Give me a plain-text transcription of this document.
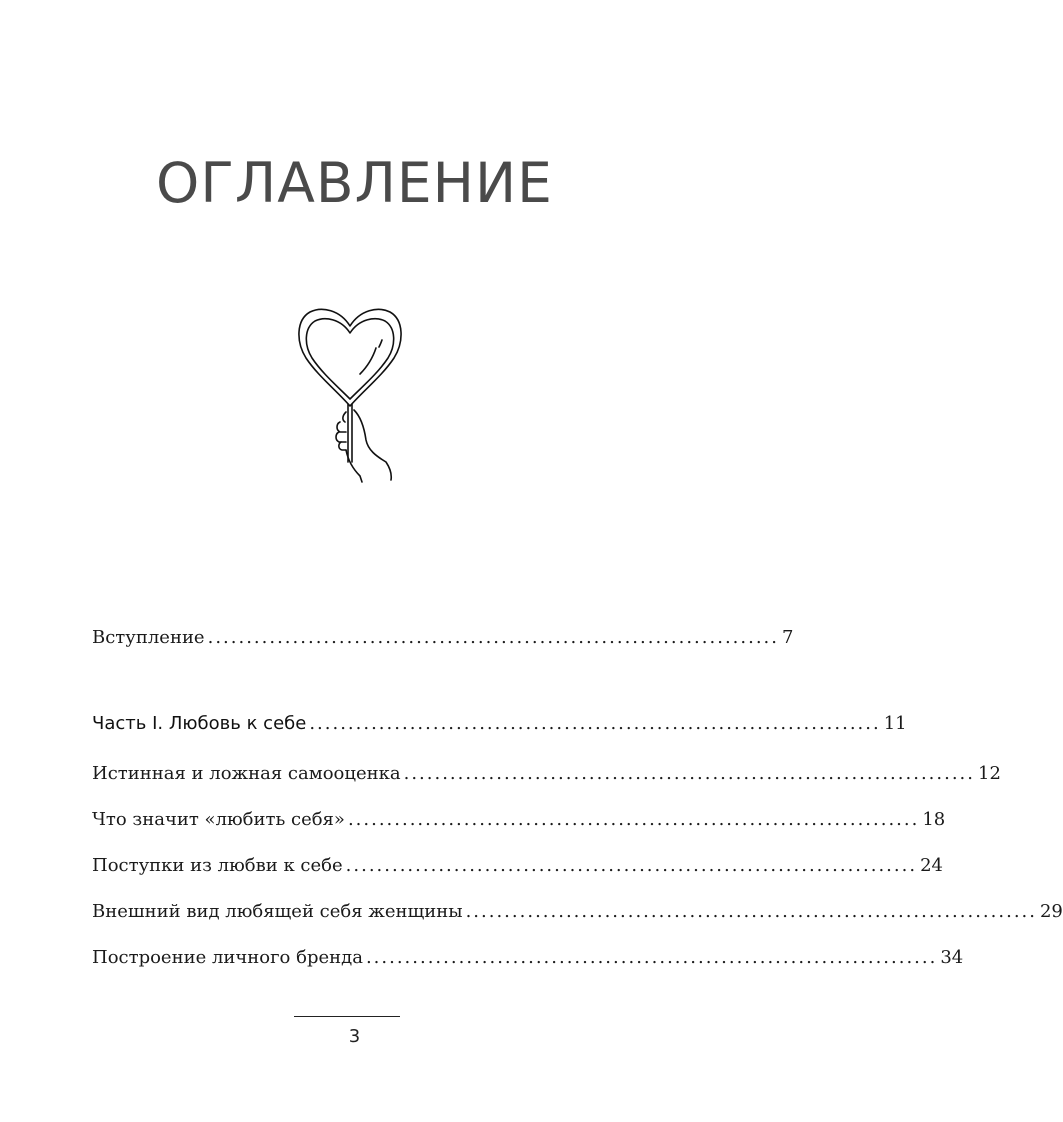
ОГЛАВЛЕНИЕ
Вступление .......................................................................... 7
Часть I. Любовь к себе .......................................................................... 11
Истинная и ложная самооценка .......................................................................... 12
Что значит «любить себя» .......................................................................... 18
Поступки из любви к себе .......................................................................... 24
Внешний вид любящей себя женщины .......................................................................... 29
Построение личного бренда .......................................................................... 34
3
